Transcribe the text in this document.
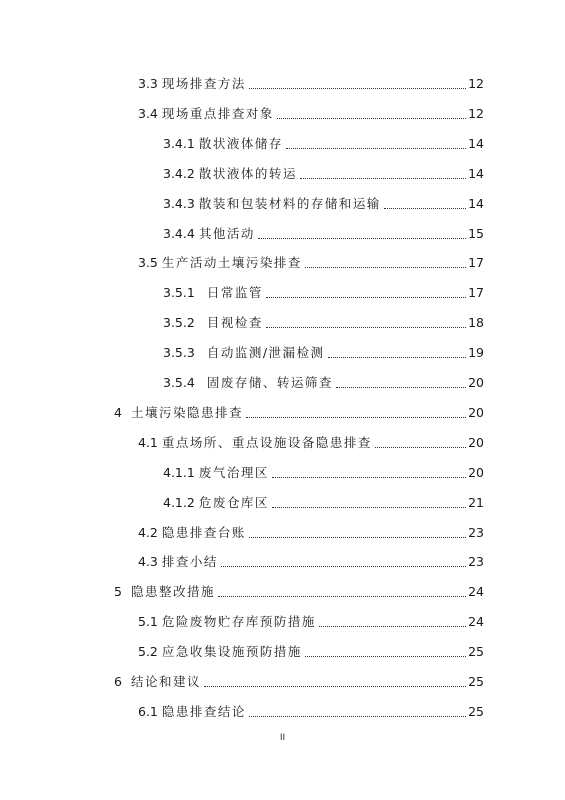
3.3 现场排查方法	12
3.4 现场重点排查对象	12
3.4.1 散状液体储存	14
3.4.2 散状液体的转运	14
3.4.3 散装和包装材料的存储和运输	14
3.4.4 其他活动	15
3.5 生产活动土壤污染排查	17
3.5.1 日常监管	17
3.5.2 目视检查	18
3.5.3 自动监测/泄漏检测	19
3.5.4 固废存储、转运筛查	20
4 土壤污染隐患排查	20
4.1 重点场所、重点设施设备隐患排查	20
4.1.1 废气治理区	20
4.1.2 危废仓库区	21
4.2 隐患排查台账	23
4.3 排查小结	23
5 隐患整改措施	24
5.1 危险废物贮存库预防措施	24
5.2 应急收集设施预防措施	25
6 结论和建议	25
6.1 隐患排查结论	25
II
